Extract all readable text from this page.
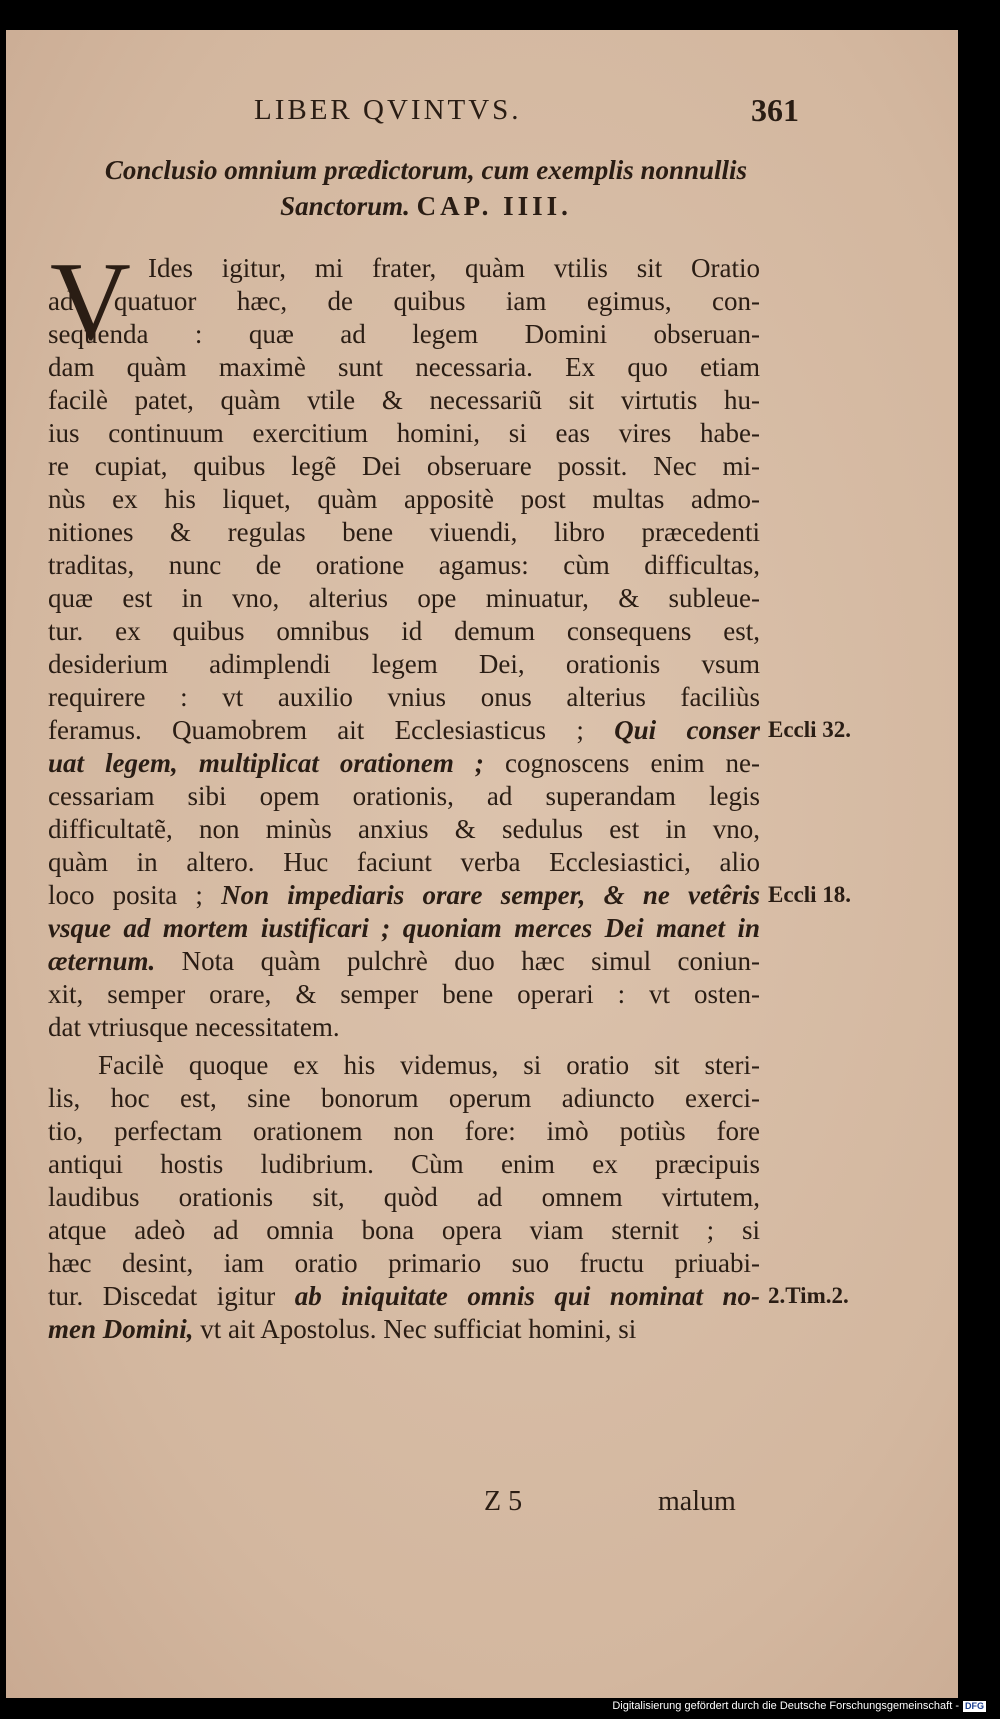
LIBER QVINTVS.	361
Conclusio omnium prædictorum, cum exemplis nonnullis
Sanctorum. CAP. IIII.
V Ides igitur, mi frater, quàm vtilis sit Oratio
ad quatuor hæc, de quibus iam egimus, con-
sequenda : quæ ad legem Domini obseruan-
dam quàm maximè sunt necessaria. Ex quo etiam
facilè patet, quàm vtile & necessariũ sit virtutis hu-
ius continuum exercitium homini, si eas vires habe-
re cupiat, quibus legẽ Dei obseruare possit. Nec mi-
nùs ex his liquet, quàm appositè post multas admo-
nitiones & regulas bene viuendi, libro præcedenti
traditas, nunc de oratione agamus: cùm difficultas,
quæ est in vno, alterius ope minuatur, & subleue-
tur. ex quibus omnibus id demum consequens est,
desiderium adimplendi legem Dei, orationis vsum
requirere : vt auxilio vnius onus alterius faciliùs
feramus. Quamobrem ait Ecclesiasticus ; Qui conser
uat legem, multiplicat orationem ; cognoscens enim ne-
cessariam sibi opem orationis, ad superandam legis
difficultatẽ, non minùs anxius & sedulus est in vno,
quàm in altero. Huc faciunt verba Ecclesiastici, alio
loco posita ; Non impediaris orare semper, & ne vetêris
vsque ad mortem iustificari ; quoniam merces Dei manet in
æternum. Nota quàm pulchrè duo hæc simul coniun-
xit, semper orare, & semper bene operari : vt osten-
dat vtriusque necessitatem.
Facilè quoque ex his videmus, si oratio sit steri-
lis, hoc est, sine bonorum operum adiuncto exerci-
tio, perfectam orationem non fore: imò potiùs fore
antiqui hostis ludibrium. Cùm enim ex præcipuis
laudibus orationis sit, quòd ad omnem virtutem,
atque adeò ad omnia bona opera viam sternit ; si
hæc desint, iam oratio primario suo fructu priuabi-
tur. Discedat igitur ab iniquitate omnis qui nominat no-
men Domini, vt ait Apostolus. Nec sufficiat homini, si
Eccli 32.
Eccli 18.
2.Tim.2.
Z 5	malum
Digitalisierung gefördert durch die Deutsche Forschungsgemeinschaft - DFG
